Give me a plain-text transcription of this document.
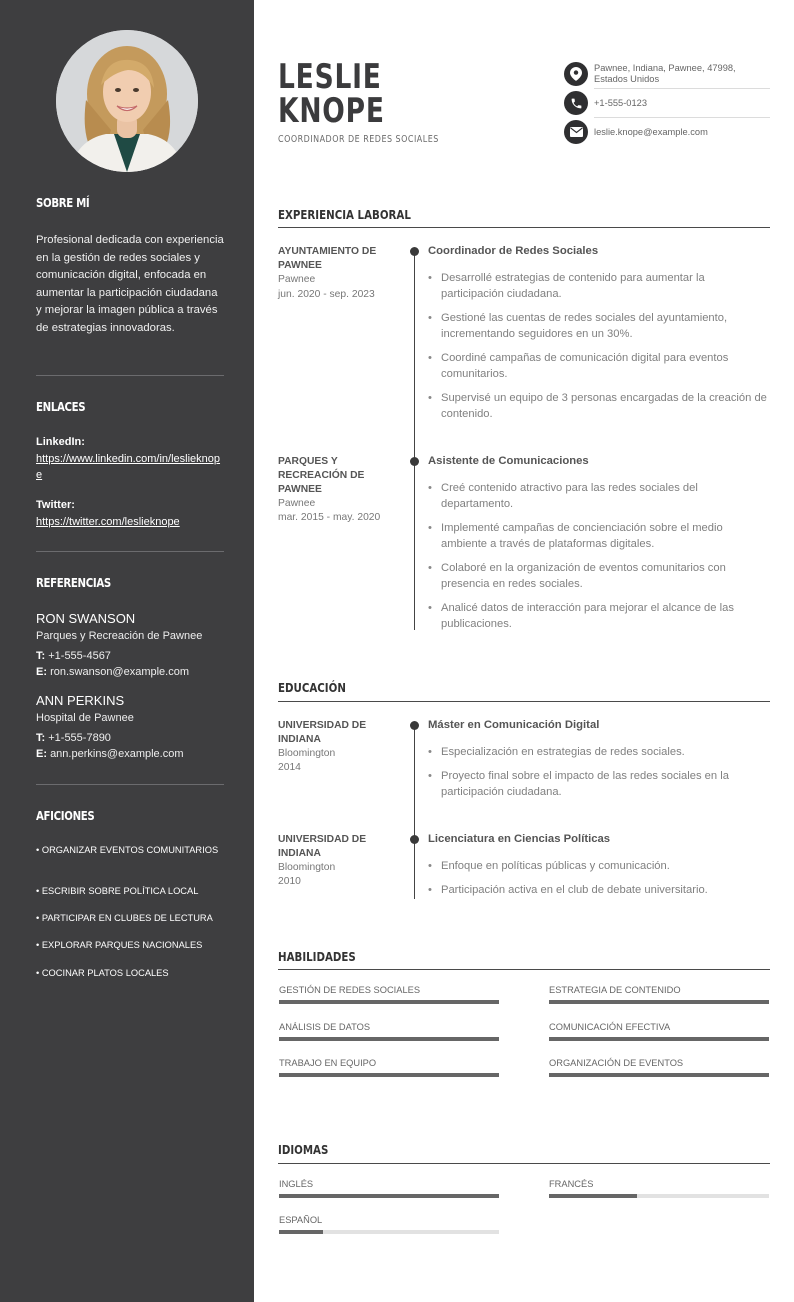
SOBRE MÍ
Profesional dedicada con experiencia en la gestión de redes sociales y comunicación digital, enfocada en aumentar la participación ciudadana y mejorar la imagen pública a través de estrategias innovadoras.
ENLACES
LinkedIn:
https://www.linkedin.com/in/leslieknope
Twitter:
https://twitter.com/leslieknope
REFERENCIAS
RON SWANSON
Parques y Recreación de Pawnee
T: +1-555-4567
E: ron.swanson@example.com
ANN PERKINS
Hospital de Pawnee
T: +1-555-7890
E: ann.perkins@example.com
AFICIONES
• ORGANIZAR EVENTOS COMUNITARIOS
• ESCRIBIR SOBRE POLÍTICA LOCAL
• PARTICIPAR EN CLUBES DE LECTURA
• EXPLORAR PARQUES NACIONALES
• COCINAR PLATOS LOCALES
LESLIE
KNOPE
COORDINADOR DE REDES SOCIALES
Pawnee, Indiana, Pawnee, 47998, Estados Unidos
+1-555-0123
leslie.knope@example.com
EXPERIENCIA LABORAL
AYUNTAMIENTO DE PAWNEE
Pawnee
jun. 2020 - sep. 2023
Coordinador de Redes Sociales
• Desarrollé estrategias de contenido para aumentar la participación ciudadana.
• Gestioné las cuentas de redes sociales del ayuntamiento, incrementando seguidores en un 30%.
• Coordiné campañas de comunicación digital para eventos comunitarios.
• Supervisé un equipo de 3 personas encargadas de la creación de contenido.
PARQUES Y RECREACIÓN DE PAWNEE
Pawnee
mar. 2015 - may. 2020
Asistente de Comunicaciones
• Creé contenido atractivo para las redes sociales del departamento.
• Implementé campañas de concienciación sobre el medio ambiente a través de plataformas digitales.
• Colaboré en la organización de eventos comunitarios con presencia en redes sociales.
• Analicé datos de interacción para mejorar el alcance de las publicaciones.
EDUCACIÓN
UNIVERSIDAD DE INDIANA
Bloomington
2014
Máster en Comunicación Digital
• Especialización en estrategias de redes sociales.
• Proyecto final sobre el impacto de las redes sociales en la participación ciudadana.
UNIVERSIDAD DE INDIANA
Bloomington
2010
Licenciatura en Ciencias Políticas
• Enfoque en políticas públicas y comunicación.
• Participación activa en el club de debate universitario.
HABILIDADES
GESTIÓN DE REDES SOCIALES	ESTRATEGIA DE CONTENIDO
ANÁLISIS DE DATOS	COMUNICACIÓN EFECTIVA
TRABAJO EN EQUIPO	ORGANIZACIÓN DE EVENTOS
IDIOMAS
INGLÉS	FRANCÉS
ESPAÑOL
